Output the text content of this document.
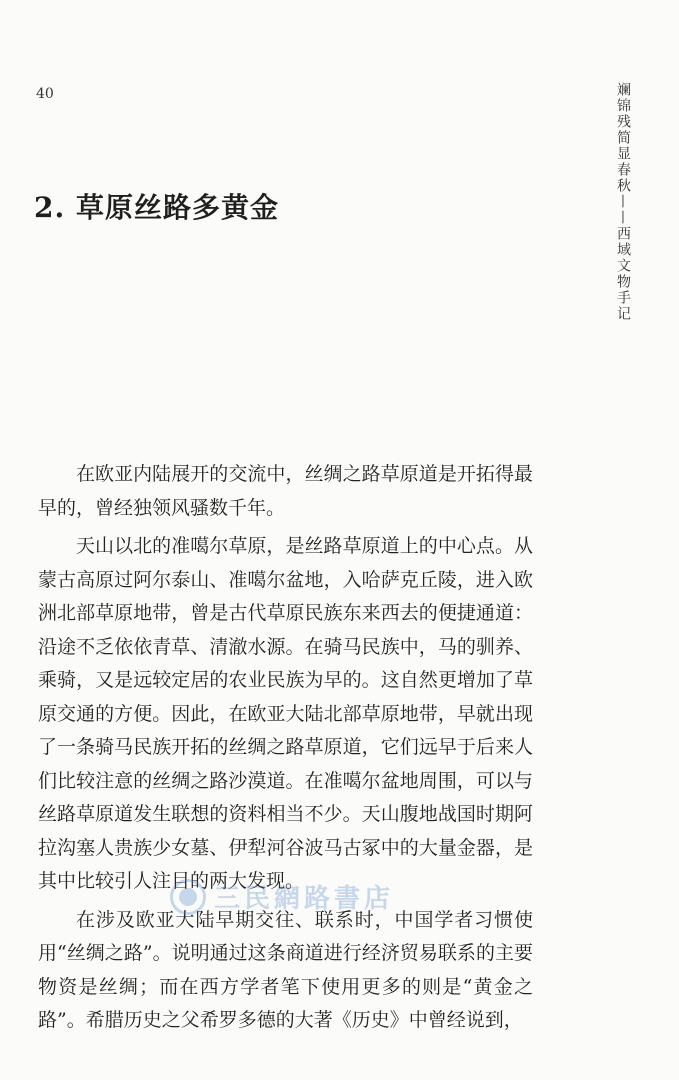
40	斓锦残简显春秋——西域文物手记
2. 草原丝路多黄金

在欧亚内陆展开的交流中，丝绸之路草原道是开拓得最早的，曾经独领风骚数千年。

天山以北的准噶尔草原，是丝路草原道上的中心点。从蒙古高原过阿尔泰山、准噶尔盆地，入哈萨克丘陵，进入欧洲北部草原地带，曾是古代草原民族东来西去的便捷通道：沿途不乏依依青草、清澈水源。在骑马民族中，马的驯养、乘骑，又是远较定居的农业民族为早的。这自然更增加了草原交通的方便。因此，在欧亚大陆北部草原地带，早就出现了一条骑马民族开拓的丝绸之路草原道，它们远早于后来人们比较注意的丝绸之路沙漠道。在准噶尔盆地周围，可以与丝路草原道发生联想的资料相当不少。天山腹地战国时期阿拉沟塞人贵族少女墓、伊犁河谷波马古冢中的大量金器，是其中比较引人注目的两大发现。

在涉及欧亚大陆早期交往、联系时，中国学者习惯使用“丝绸之路”。说明通过这条商道进行经济贸易联系的主要物资是丝绸；而在西方学者笔下使用更多的则是“黄金之路”。希腊历史之父希罗多德的大著《历史》中曾经说到，

三民網路書店
